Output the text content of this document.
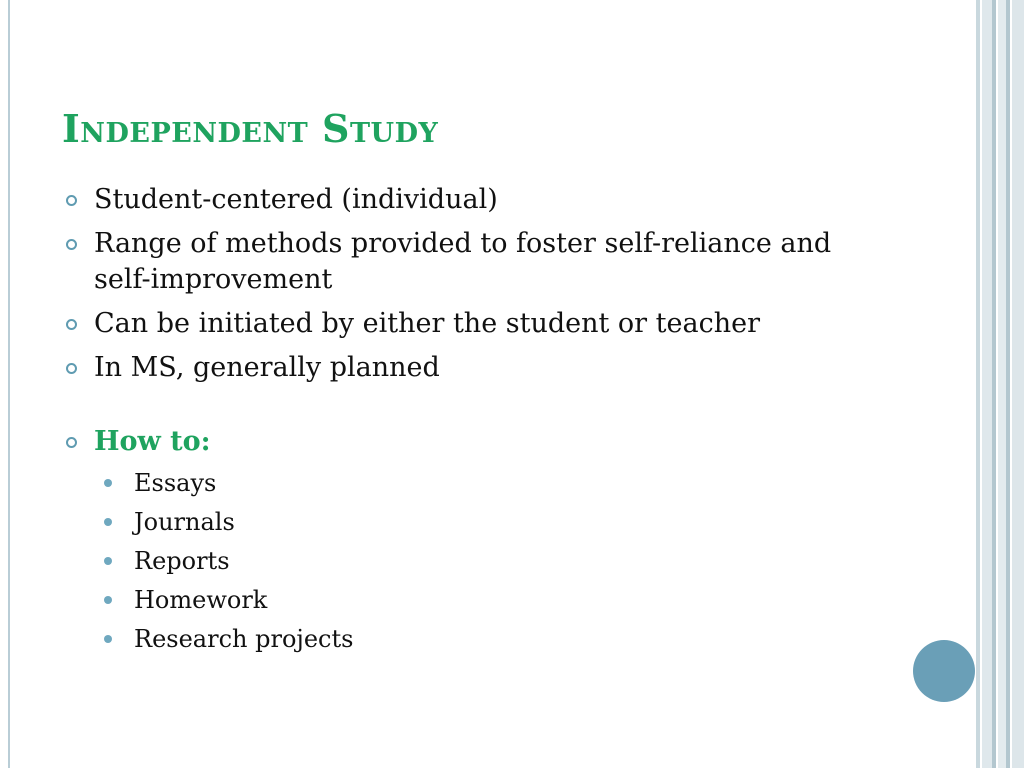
Independent Study
Student-centered (individual)
Range of methods provided to foster self-reliance and self-improvement
Can be initiated by either the student or teacher
In MS, generally planned
How to:
Essays
Journals
Reports
Homework
Research projects
